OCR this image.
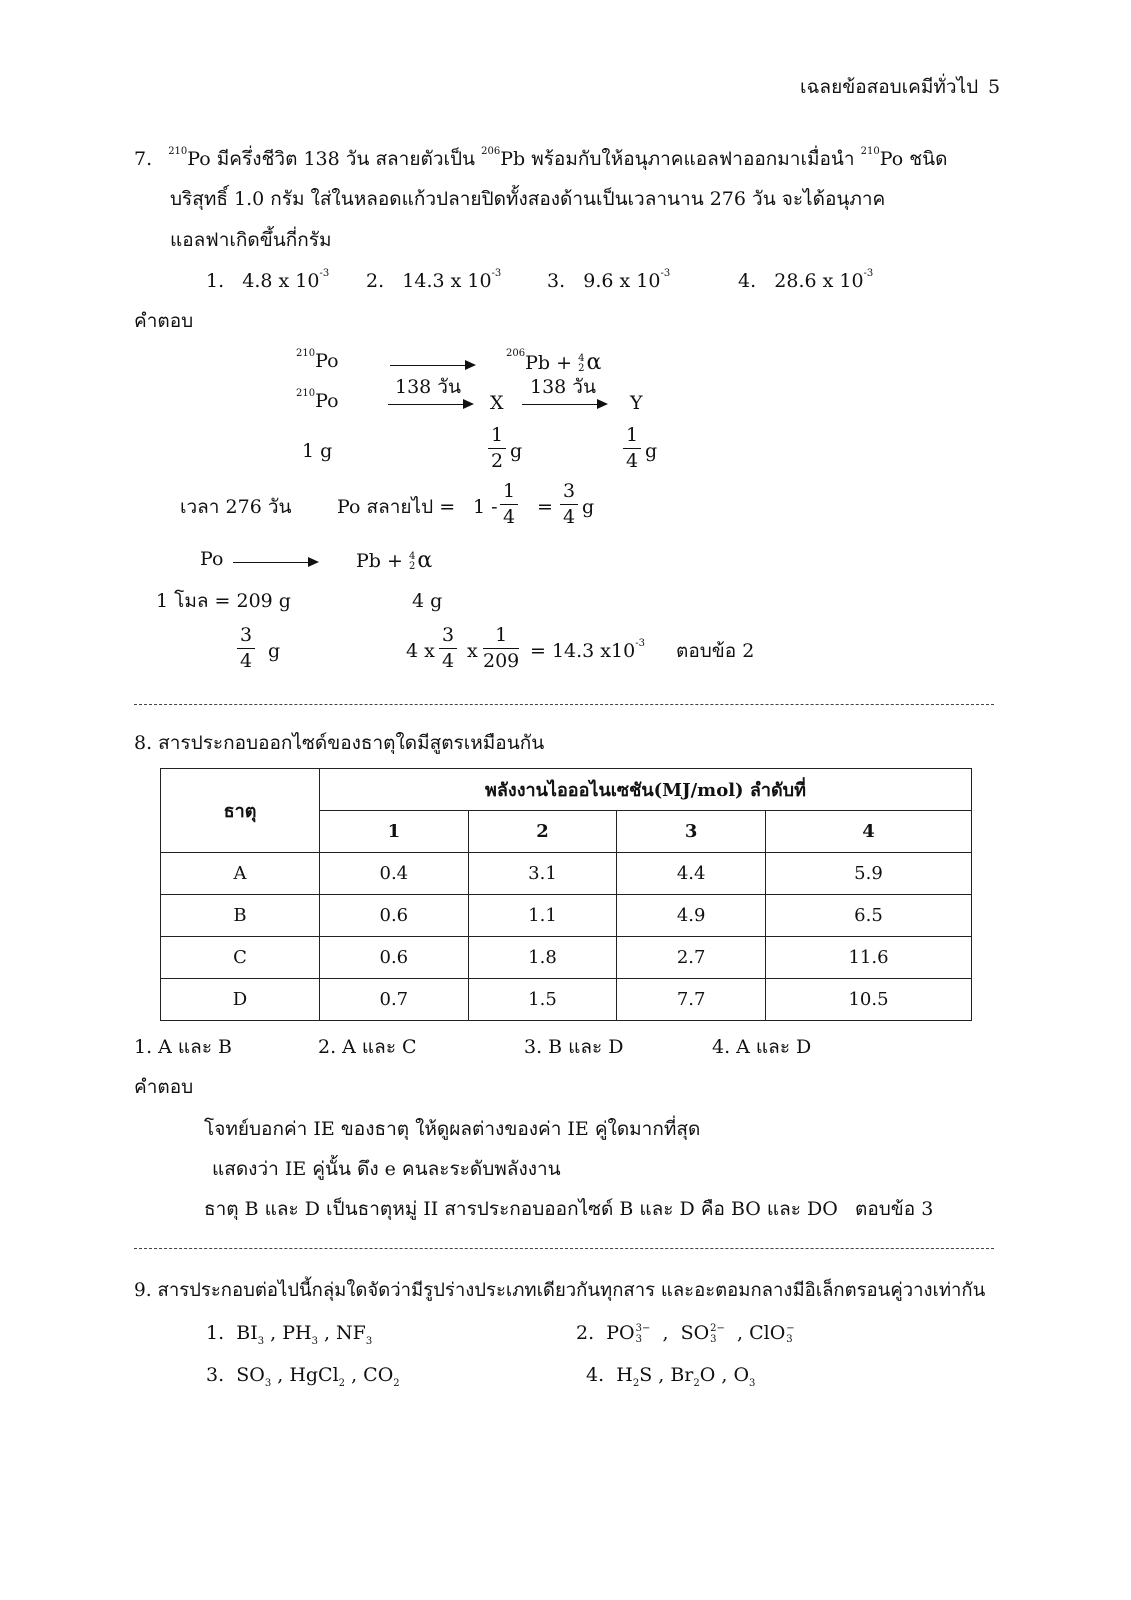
เฉลยข้อสอบเคมีทั่วไป 5
7. $^{210}$Po มีครึ่งชีวิต 138 วัน สลายตัวเป็น $^{206}$Pb พร้อมกับให้อนุภาคแอลฟาออกมาเมื่อนำ $^{210}$Po ชนิด
บริสุทธิ์ 1.0 กรัม ใส่ในหลอดแก้วปลายปิดทั้งสองด้านเป็นเวลานาน 276 วัน จะได้อนุภาค
แอลฟาเกิดขึ้นกี่กรัม
1. 4.8 x $10^{-3}$ 2. 14.3 x $10^{-3}$ 3. 9.6 x $10^{-3}$	4. 28.6 x $10^{-3}$
คำตอบ
$^{210}$Po	$^{206}$Pb + 4
2α
$^{210}$Po
138 วัน
X
138 วัน
Y
1 g	$\frac{1}{2}$ g	$\frac{1}{4}$ g
เวลา 276 วัน Po สลายไป = $1 - \frac{1}{4} = \frac{3}{4}$ g
Po	Pb + 4
2α
1 โมล = 209 g	4 g
$\frac{3}{4}$ g	4 x $\frac{3}{4}$ x $\frac{1}{209} = 14.3$ $x10^{-3}$ ตอบข้อ 2
8. สารประกอบออกไซด์ของธาตุใดมีสูตรเหมือนกัน
ธาตุ	พลังงานไอออไนเซชัน(MJ/mol) ลำดับที่			
	1	2	3	4
A	0.4	3.1	4.4	5.9
B	0.6	1.1	4.9	6.5
C	0.6	1.8	2.7	11.6
D	0.7	1.5	7.7	10.5
1. A และ B	2. A และ C	3. B และ D	4. A และ D
คำตอบ
โจทย์บอกค่า IE ของธาตุ ให้ดูผลต่างของค่า IE คู่ใดมากที่สุด
แสดงว่า IE คู่นั้น ดึง e คนละระดับพลังงาน
ธาตุ B และ D เป็นธาตุหมู่ II สารประกอบออกไซด์ B และ D คือ BO และ DO ตอบข้อ 3
9. สารประกอบต่อไปนี้กลุ่มใดจัดว่ามีรูปร่างประเภทเดียวกันทุกสาร และอะตอมกลางมีอิเล็กตรอนคู่วางเท่ากัน
1. $BI_3$ , $PH_3$ , $NF_3$	2. PO3−
3  ,  SO2−
3  , ClO−
3
3. $SO_3$ , HgCl$_2$ , $CO_2$	4. $H_2S$ , $Br_2O$ , $O_3$
